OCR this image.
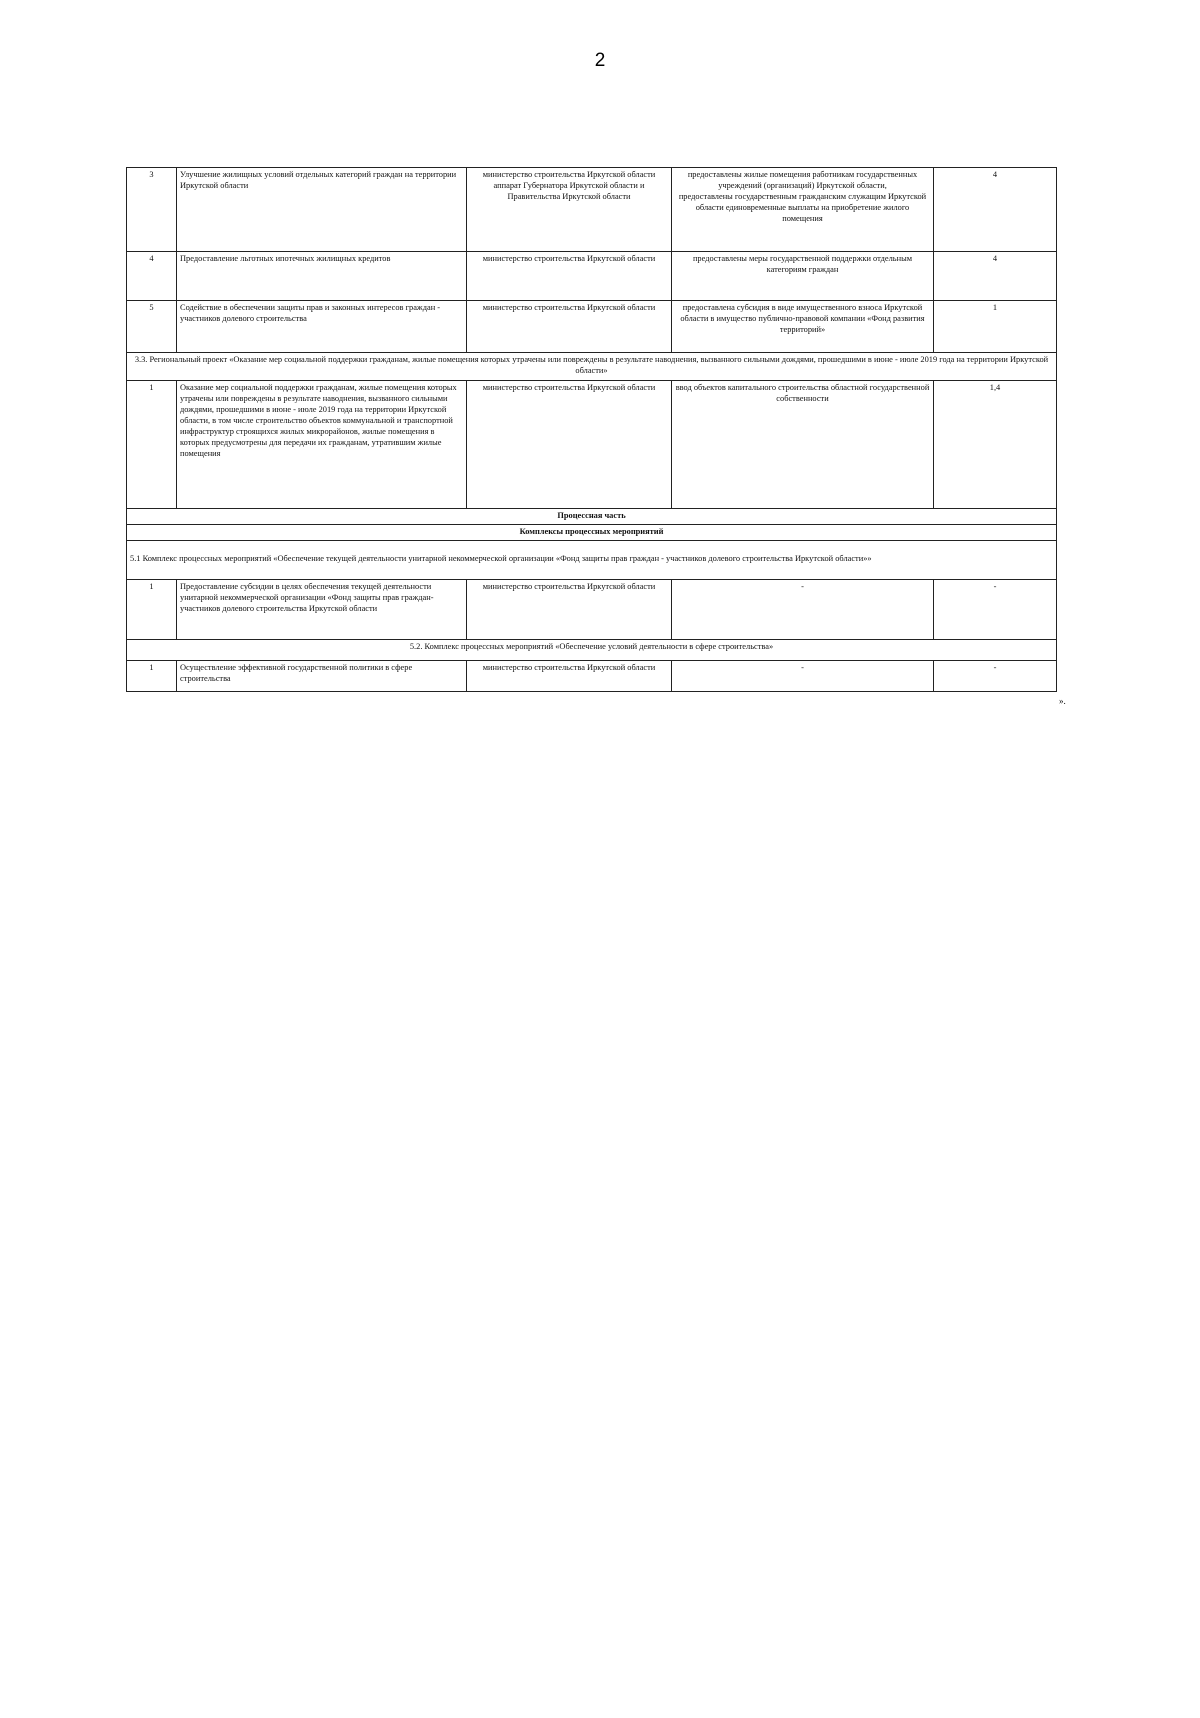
2
3	Улучшение жилищных условий отдельных категорий граждан на территории Иркутской области	министерство строительства Иркутской области
аппарат Губернатора Иркутской области и Правительства Иркутской области	предоставлены жилые помещения работникам государственных учреждений (организаций) Иркутской области,
предоставлены государственным гражданским служащим Иркутской области единовременные выплаты на приобретение жилого помещения	4
4	Предоставление льготных ипотечных жилищных кредитов	министерство строительства Иркутской области	предоставлены меры государственной поддержки отдельным категориям граждан	4
5	Содействие в обеспечении защиты прав и законных интересов граждан - участников долевого строительства	министерство строительства Иркутской области	предоставлена субсидия в виде имущественного взноса Иркутской области в имущество публично-правовой компании «Фонд развития территорий»	1
3.3. Региональный проект «Оказание мер социальной поддержки гражданам, жилые помещения которых утрачены или повреждены в результате наводнения, вызванного сильными дождями, прошедшими в июне - июле 2019 года на территории Иркутской области»				
1	Оказание мер социальной поддержки гражданам, жилые помещения которых утрачены или повреждены в результате наводнения, вызванного сильными дождями, прошедшими в июне - июле 2019 года на территории Иркутской области, в том числе строительство объектов коммунальной и транспортной инфраструктур строящихся жилых микрорайонов, жилые помещения в которых предусмотрены для передачи их гражданам, утратившим жилые помещения	министерство строительства Иркутской области	ввод объектов капитального строительства областной государственной собственности	1,4
Процессная часть				
Комплексы процессных мероприятий				
5.1 Комплекс процессных мероприятий «Обеспечение текущей деятельности унитарной некоммерческой организации «Фонд защиты прав граждан - участников долевого строительства Иркутской области»»				
1	Предоставление субсидии в целях обеспечения текущей деятельности унитарной некоммерческой организации «Фонд защиты прав граждан-участников долевого строительства Иркутской области	министерство строительства Иркутской области	-	-
5.2. Комплекс процессных мероприятий «Обеспечение условий деятельности в сфере строительства»				
1	Осуществление эффективной государственной политики в сфере строительства	министерство строительства Иркутской области	-	-
».
